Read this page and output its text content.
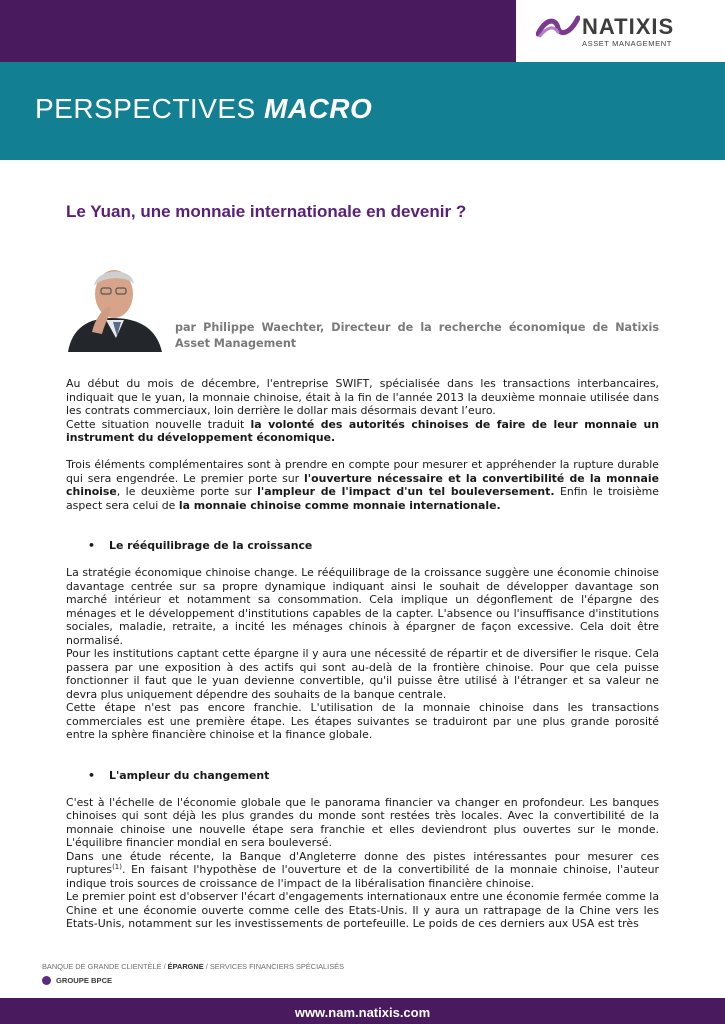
NATIXIS
ASSET MANAGEMENT
PERSPECTIVES MACRO
Le Yuan, une monnaie internationale en devenir ?

par Philippe Waechter, Directeur de la recherche économique de Natixis Asset Management

Au début du mois de décembre, l'entreprise SWIFT, spécialisée dans les transactions interbancaires, indiquait que le yuan, la monnaie chinoise, était à la fin de l'année 2013 la deuxième monnaie utilisée dans les contrats commerciaux, loin derrière le dollar mais désormais devant l’euro.

Cette situation nouvelle traduit la volonté des autorités chinoises de faire de leur monnaie un instrument du développement économique.

Trois éléments complémentaires sont à prendre en compte pour mesurer et appréhender la rupture durable qui sera engendrée. Le premier porte sur l'ouverture nécessaire et la convertibilité de la monnaie chinoise, le deuxième porte sur l'ampleur de l'impact d'un tel bouleversement. Enfin le troisième aspect sera celui de la monnaie chinoise comme monnaie internationale.

• Le rééquilibrage de la croissance

La stratégie économique chinoise change. Le rééquilibrage de la croissance suggère une économie chinoise davantage centrée sur sa propre dynamique indiquant ainsi le souhait de développer davantage son marché intérieur et notamment sa consommation. Cela implique un dégonflement de l'épargne des ménages et le développement d'institutions capables de la capter. L'absence ou l'insuffisance d'institutions sociales, maladie, retraite, a incité les ménages chinois à épargner de façon excessive. Cela doit être normalisé.

Pour les institutions captant cette épargne il y aura une nécessité de répartir et de diversifier le risque. Cela passera par une exposition à des actifs qui sont au-delà de la frontière chinoise. Pour que cela puisse fonctionner il faut que le yuan devienne convertible, qu'il puisse être utilisé à l'étranger et sa valeur ne devra plus uniquement dépendre des souhaits de la banque centrale.

Cette étape n'est pas encore franchie. L'utilisation de la monnaie chinoise dans les transactions commerciales est une première étape. Les étapes suivantes se traduiront par une plus grande porosité entre la sphère financière chinoise et la finance globale.

• L'ampleur du changement

C'est à l'échelle de l'économie globale que le panorama financier va changer en profondeur. Les banques chinoises qui sont déjà les plus grandes du monde sont restées très locales. Avec la convertibilité de la monnaie chinoise une nouvelle étape sera franchie et elles deviendront plus ouvertes sur le monde. L'équilibre financier mondial en sera bouleversé.

Dans une étude récente, la Banque d'Angleterre donne des pistes intéressantes pour mesurer ces ruptures$^{(1)}$. En faisant l'hypothèse de l'ouverture et de la convertibilité de la monnaie chinoise, l'auteur indique trois sources de croissance de l'impact de la libéralisation financière chinoise.

Le premier point est d'observer l'écart d'engagements internationaux entre une économie fermée comme la Chine et une économie ouverte comme celle des Etats-Unis. Il y aura un rattrapage de la Chine vers les Etats-Unis, notamment sur les investissements de portefeuille. Le poids de ces derniers aux USA est très

BANQUE DE GRANDE CLIENTÈLE / ÉPARGNE / SERVICES FINANCIERS SPÉCIALISÉS
GROUPE BPCE
www.nam.natixis.com
